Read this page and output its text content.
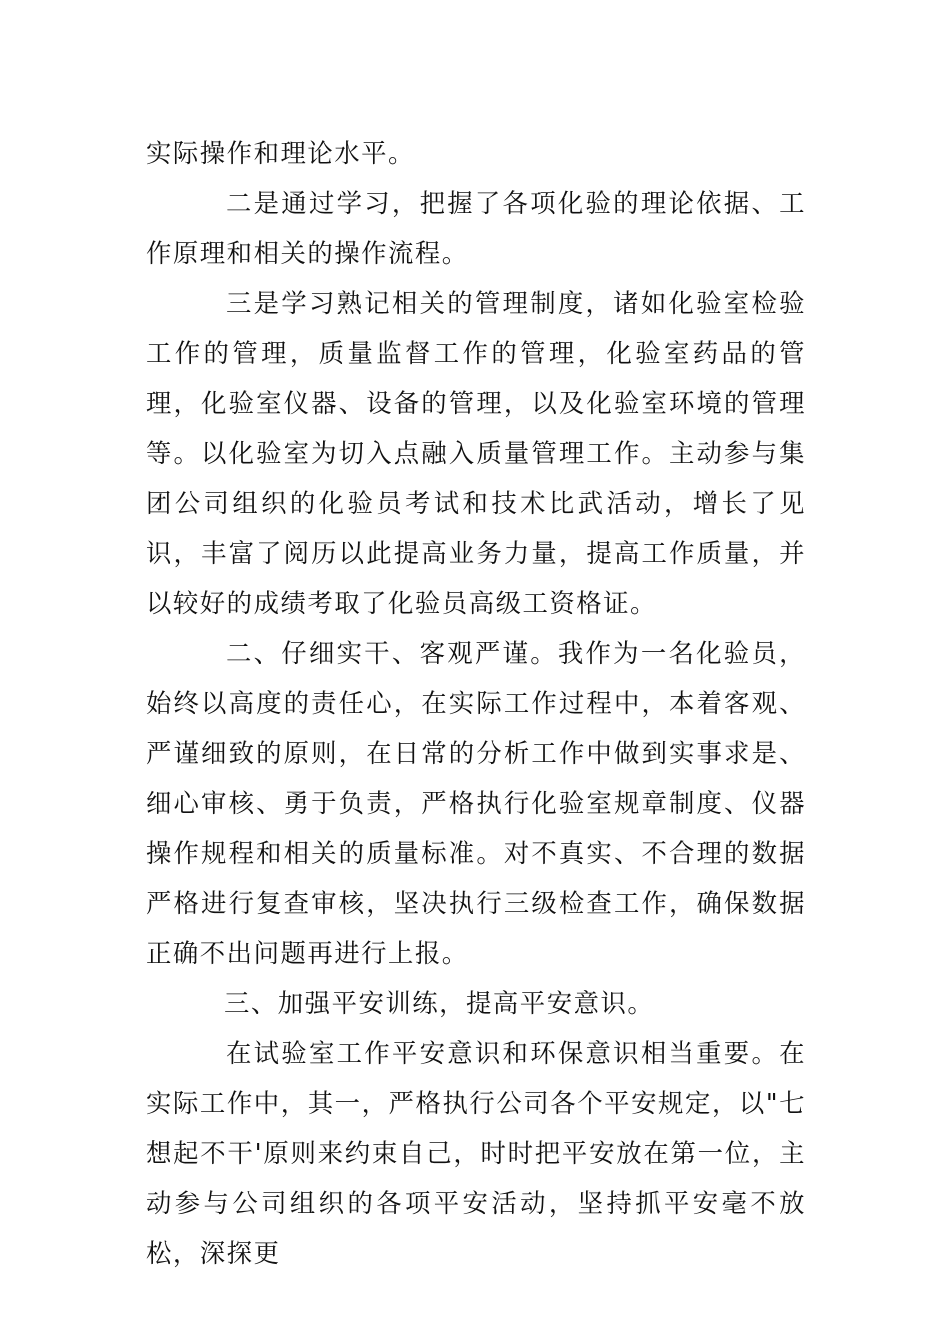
实际操作和理论水平。

二是通过学习，把握了各项化验的理论依据、工作原理和相关的操作流程。

三是学习熟记相关的管理制度，诸如化验室检验工作的管理，质量监督工作的管理，化验室药品的管理，化验室仪器、设备的管理，以及化验室环境的管理等。以化验室为切入点融入质量管理工作。主动参与集团公司组织的化验员考试和技术比武活动，增长了见识，丰富了阅历以此提高业务力量，提高工作质量，并以较好的成绩考取了化验员高级工资格证。

二、仔细实干、客观严谨。我作为一名化验员，始终以高度的责任心，在实际工作过程中，本着客观、严谨细致的原则，在日常的分析工作中做到实事求是、细心审核、勇于负责，严格执行化验室规章制度、仪器操作规程和相关的质量标准。对不真实、不合理的数据严格进行复查审核，坚决执行三级检查工作，确保数据正确不出问题再进行上报。

三、加强平安训练，提高平安意识。

在试验室工作平安意识和环保意识相当重要。在实际工作中，其一，严格执行公司各个平安规定，以"七想起不干'原则来约束自己，时时把平安放在第一位，主动参与公司组织的各项平安活动，坚持抓平安毫不放松，深探更
